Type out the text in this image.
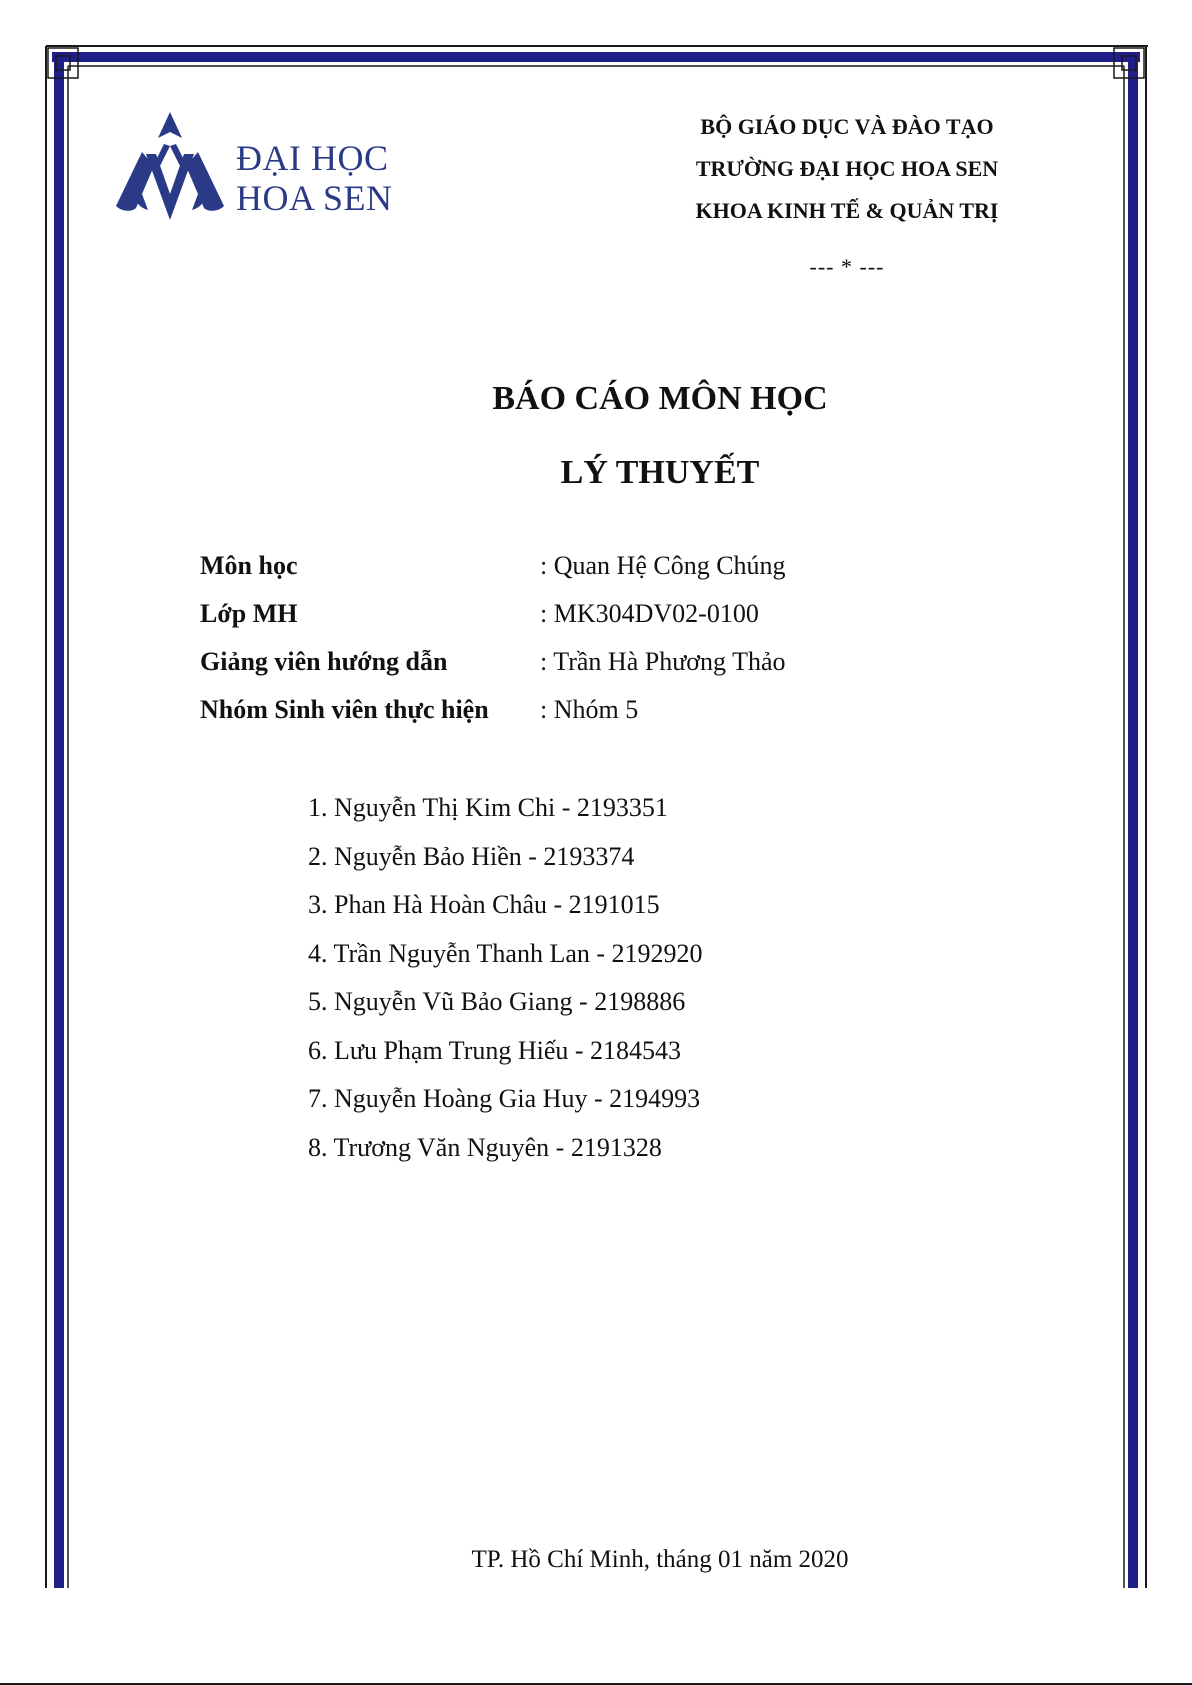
ĐẠI HỌC
HOA SEN
BỘ GIÁO DỤC VÀ ĐÀO TẠO
TRƯỜNG ĐẠI HỌC HOA SEN
KHOA KINH TẾ & QUẢN TRỊ
--- * ---
BÁO CÁO MÔN HỌC
LÝ THUYẾT
Môn học	: Quan Hệ Công Chúng
Lớp MH	: MK304DV02-0100
Giảng viên hướng dẫn	: Trần Hà Phương Thảo
Nhóm Sinh viên thực hiện : Nhóm 5
1. Nguyễn Thị Kim Chi - 2193351
2. Nguyễn Bảo Hiền - 2193374
3. Phan Hà Hoàn Châu - 2191015
4. Trần Nguyễn Thanh Lan - 2192920
5. Nguyễn Vũ Bảo Giang - 2198886
6. Lưu Phạm Trung Hiếu - 2184543
7. Nguyễn Hoàng Gia Huy - 2194993
8. Trương Văn Nguyên - 2191328
TP. Hồ Chí Minh, tháng 01 năm 2020
